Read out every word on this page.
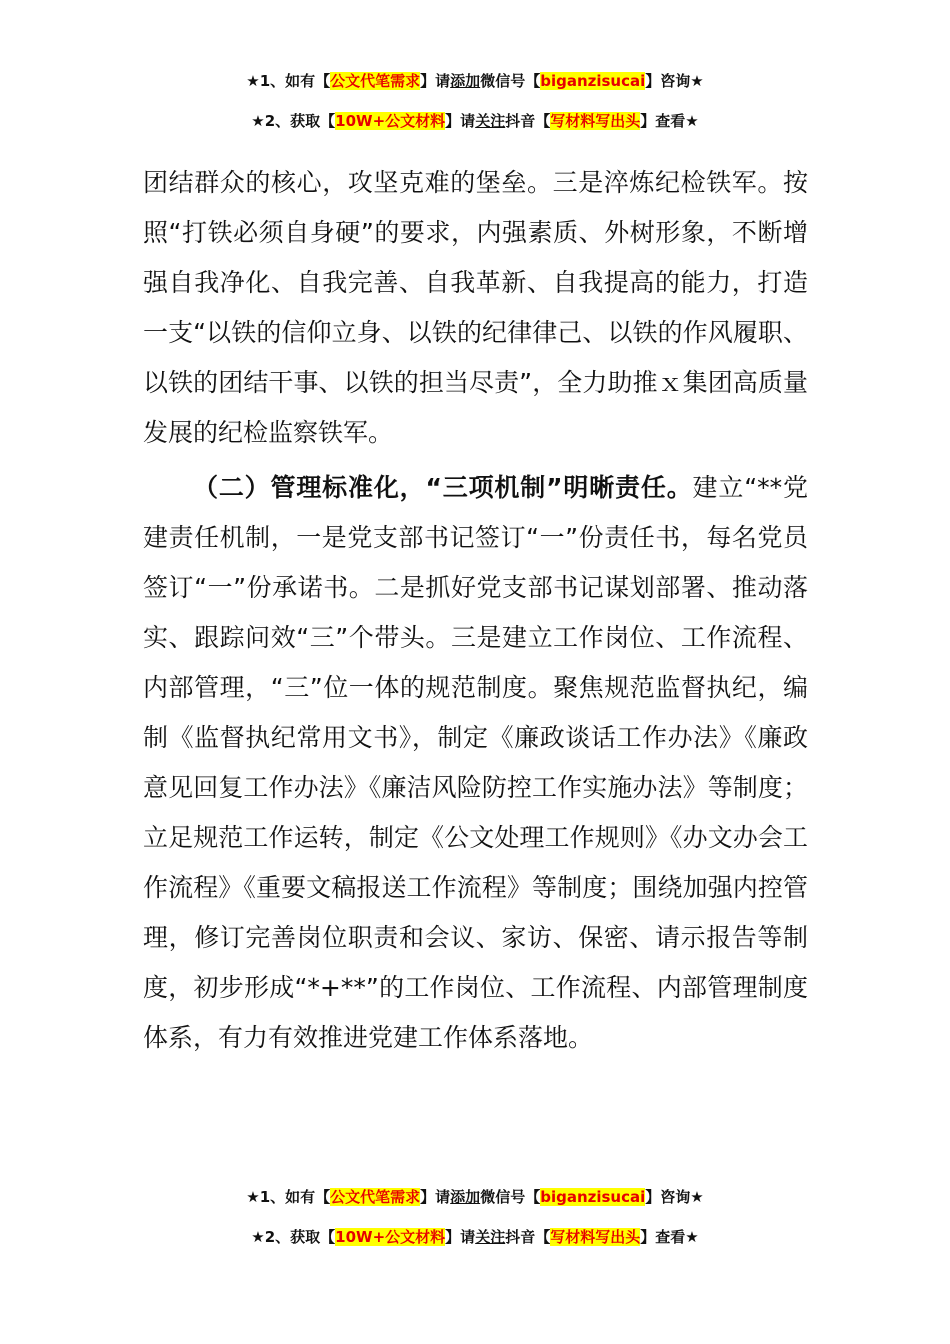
★1、如有【公文代笔需求】请添加微信号【biganzisucai】咨询★
★2、获取【10W+公文材料】请关注抖音【写材料写出头】查看★

团结群众的核心，攻坚克难的堡垒。三是淬炼纪检铁军。按照“打铁必须自身硬”的要求，内强素质、外树形象，不断增强自我净化、自我完善、自我革新、自我提高的能力，打造一支“以铁的信仰立身、以铁的纪律律己、以铁的作风履职、以铁的团结干事、以铁的担当尽责”，全力助推ｘ集团高质量发展的纪检监察铁军。

（二）管理标准化，“三项机制”明晰责任。建立“**党建责任机制，一是党支部书记签订“一”份责任书，每名党员签订“一”份承诺书。二是抓好党支部书记谋划部署、推动落实、跟踪问效“三”个带头。三是建立工作岗位、工作流程、内部管理，“三”位一体的规范制度。聚焦规范监督执纪，编制《监督执纪常用文书》，制定《廉政谈话工作办法》《廉政意见回复工作办法》《廉洁风险防控工作实施办法》等制度；立足规范工作运转，制定《公文处理工作规则》《办文办会工作流程》《重要文稿报送工作流程》等制度；围绕加强内控管理，修订完善岗位职责和会议、家访、保密、请示报告等制度，初步形成“*+**”的工作岗位、工作流程、内部管理制度体系，有力有效推进党建工作体系落地。

★1、如有【公文代笔需求】请添加微信号【biganzisucai】咨询★
★2、获取【10W+公文材料】请关注抖音【写材料写出头】查看★
